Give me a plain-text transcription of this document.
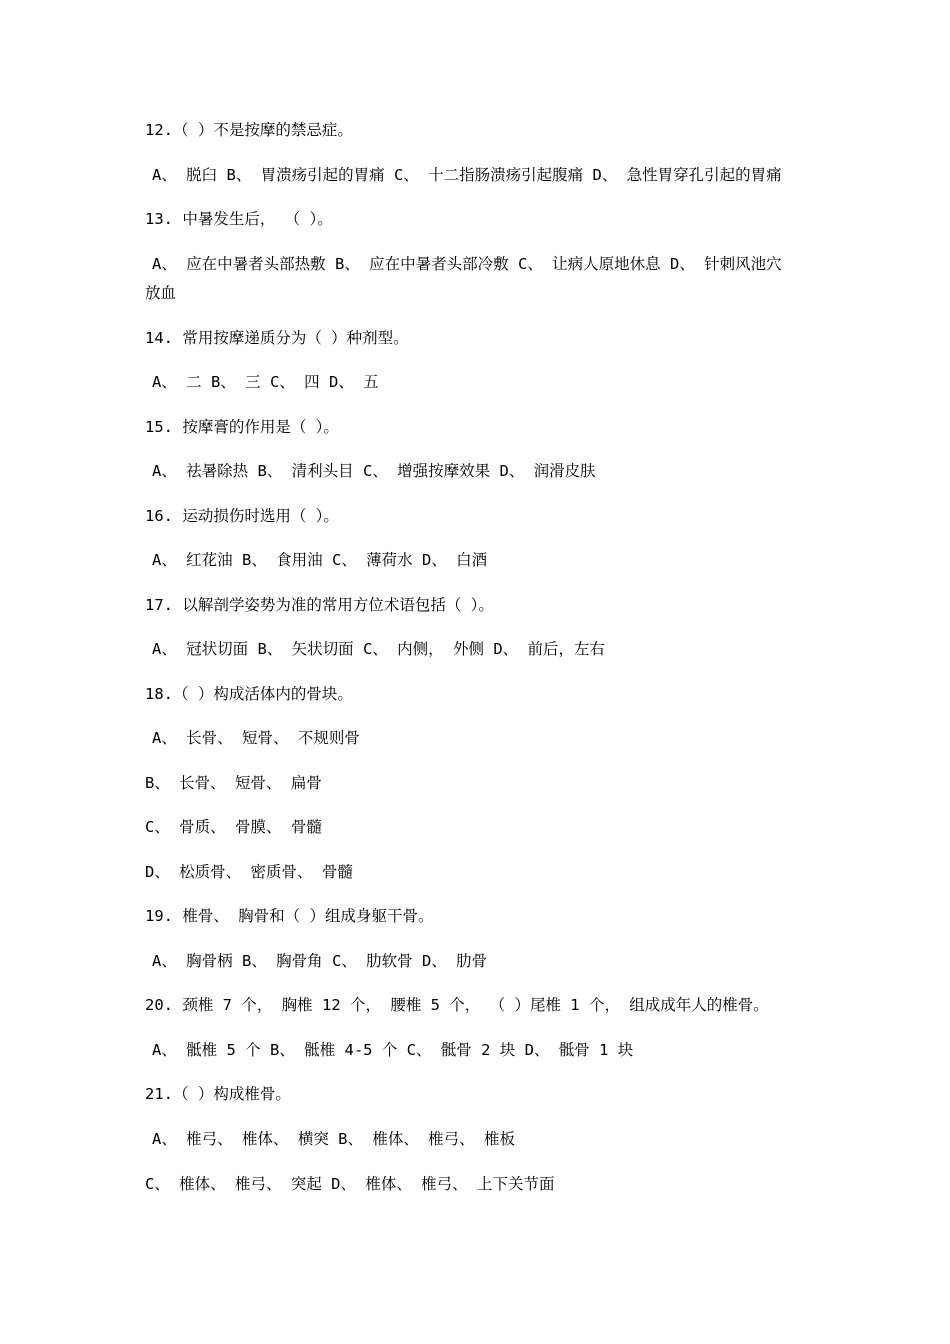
12.（ ）不是按摩的禁忌症。
A、 脱臼 B、 胃溃疡引起的胃痛 C、 十二指肠溃疡引起腹痛 D、 急性胃穿孔引起的胃痛
13. 中暑发生后， （ ）。
A、 应在中暑者头部热敷 B、 应在中暑者头部冷敷 C、 让病人原地休息 D、 针刺风池穴
放血
14. 常用按摩递质分为（ ）种剂型。
A、 二 B、 三 C、 四 D、 五
15. 按摩膏的作用是（ ）。
A、 祛暑除热 B、 清利头目 C、 增强按摩效果 D、 润滑皮肤
16. 运动损伤时选用（ ）。
A、 红花油 B、 食用油 C、 薄荷水 D、 白酒
17. 以解剖学姿势为准的常用方位术语包括（ ）。
A、 冠状切面 B、 矢状切面 C、 内侧， 外侧 D、 前后，左右
18.（ ）构成活体内的骨块。
A、 长骨、 短骨、 不规则骨
B、 长骨、 短骨、 扁骨
C、 骨质、 骨膜、 骨髓
D、 松质骨、 密质骨、 骨髓
19. 椎骨、 胸骨和（ ）组成身躯干骨。
A、 胸骨柄 B、 胸骨角 C、 肋软骨 D、 肋骨
20. 颈椎 7 个， 胸椎 12 个， 腰椎 5 个， （ ）尾椎 1 个， 组成成年人的椎骨。
A、 骶椎 5 个 B、 骶椎 4-5 个 C、 骶骨 2 块 D、 骶骨 1 块
21.（ ）构成椎骨。
A、 椎弓、 椎体、 横突 B、 椎体、 椎弓、 椎板
C、 椎体、 椎弓、 突起 D、 椎体、 椎弓、 上下关节面
